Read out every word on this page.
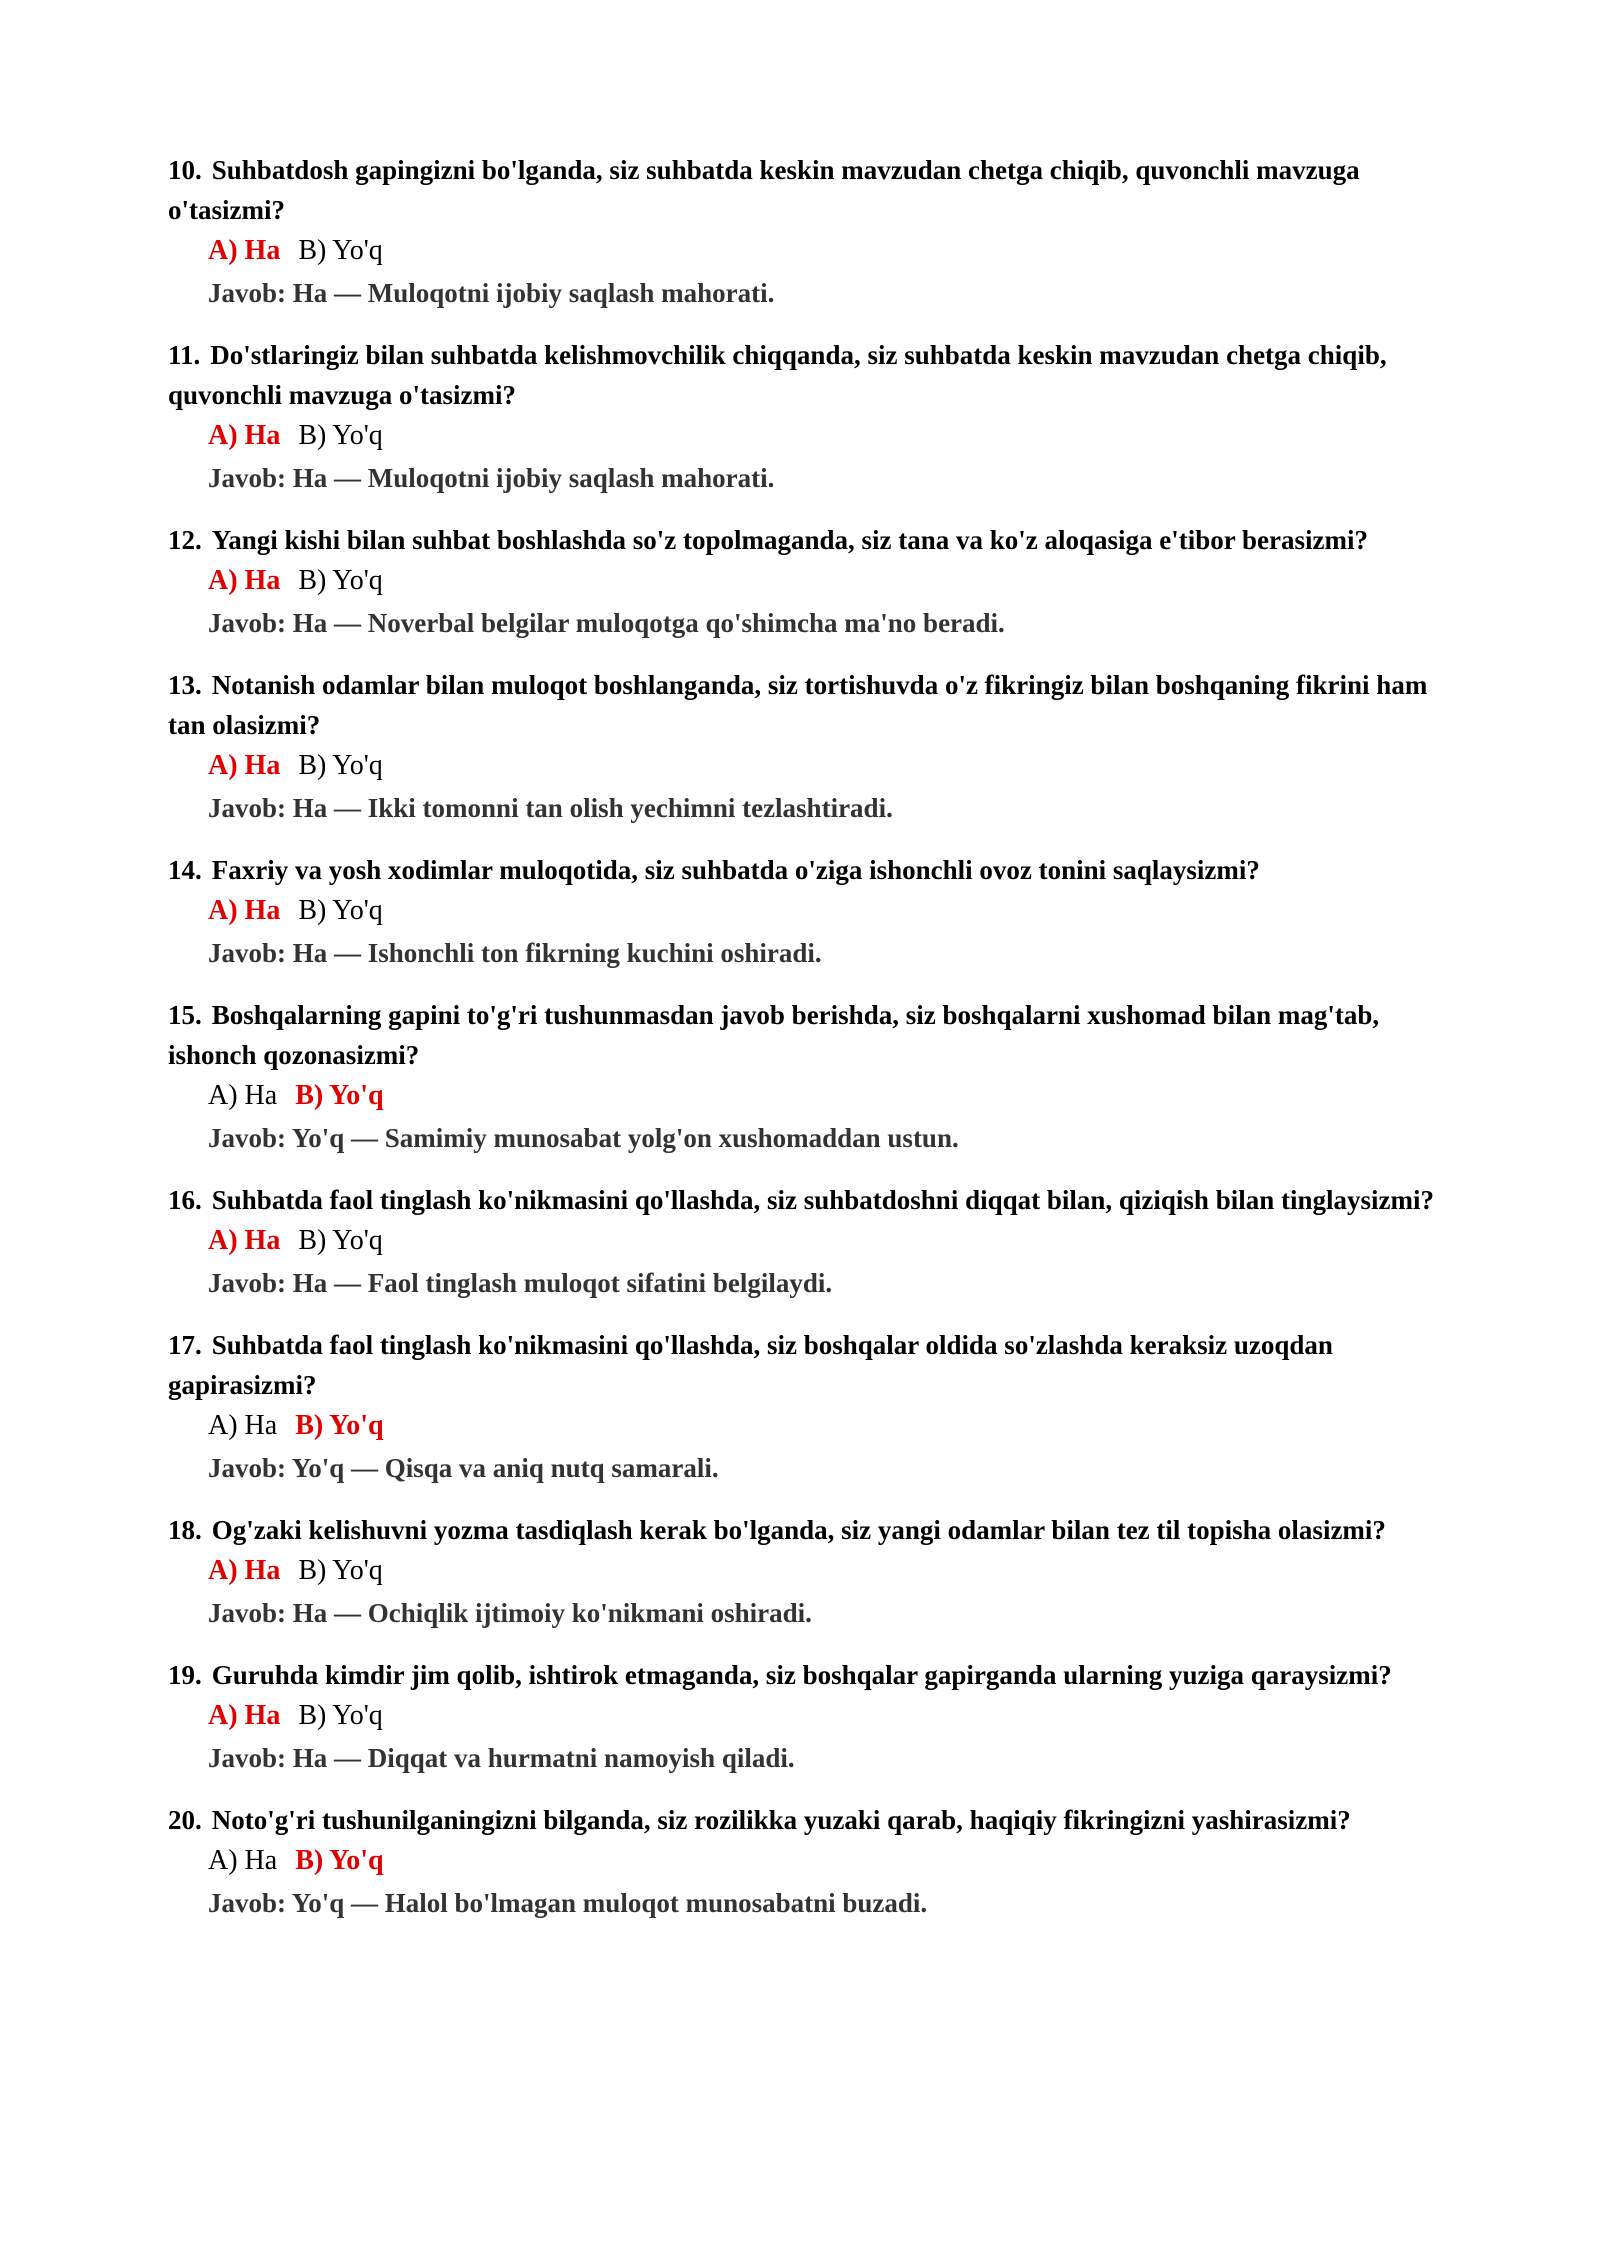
10. Suhbatdosh gapingizni bo'lganda, siz suhbatda keskin mavzudan chetga chiqib, quvonchli mavzuga o'tasizmi?

A) Ha B) Yo'q

Javob: Ha — Muloqotni ijobiy saqlash mahorati.

11. Do'stlaringiz bilan suhbatda kelishmovchilik chiqqanda, siz suhbatda keskin mavzudan chetga chiqib, quvonchli mavzuga o'tasizmi?

A) Ha B) Yo'q

Javob: Ha — Muloqotni ijobiy saqlash mahorati.

12. Yangi kishi bilan suhbat boshlashda so'z topolmaganda, siz tana va ko'z aloqasiga e'tibor berasizmi?

A) Ha B) Yo'q

Javob: Ha — Noverbal belgilar muloqotga qo'shimcha ma'no beradi.

13. Notanish odamlar bilan muloqot boshlanganda, siz tortishuvda o'z fikringiz bilan boshqaning fikrini ham tan olasizmi?

A) Ha B) Yo'q

Javob: Ha — Ikki tomonni tan olish yechimni tezlashtiradi.

14. Faxriy va yosh xodimlar muloqotida, siz suhbatda o'ziga ishonchli ovoz tonini saqlaysizmi?

A) Ha B) Yo'q

Javob: Ha — Ishonchli ton fikrning kuchini oshiradi.

15. Boshqalarning gapini to'g'ri tushunmasdan javob berishda, siz boshqalarni xushomad bilan mag'tab, ishonch qozonasizmi?

A) Ha B) Yo'q

Javob: Yo'q — Samimiy munosabat yolg'on xushomaddan ustun.

16. Suhbatda faol tinglash ko'nikmasini qo'llashda, siz suhbatdoshni diqqat bilan, qiziqish bilan tinglaysizmi?

A) Ha B) Yo'q

Javob: Ha — Faol tinglash muloqot sifatini belgilaydi.

17. Suhbatda faol tinglash ko'nikmasini qo'llashda, siz boshqalar oldida so'zlashda keraksiz uzoqdan gapirasizmi?

A) Ha B) Yo'q

Javob: Yo'q — Qisqa va aniq nutq samarali.

18. Og'zaki kelishuvni yozma tasdiqlash kerak bo'lganda, siz yangi odamlar bilan tez til topisha olasizmi?

A) Ha B) Yo'q

Javob: Ha — Ochiqlik ijtimoiy ko'nikmani oshiradi.

19. Guruhda kimdir jim qolib, ishtirok etmaganda, siz boshqalar gapirganda ularning yuziga qaraysizmi?

A) Ha B) Yo'q

Javob: Ha — Diqqat va hurmatni namoyish qiladi.

20. Noto'g'ri tushunilganingizni bilganda, siz rozilikka yuzaki qarab, haqiqiy fikringizni yashirasizmi?

A) Ha B) Yo'q

Javob: Yo'q — Halol bo'lmagan muloqot munosabatni buzadi.
